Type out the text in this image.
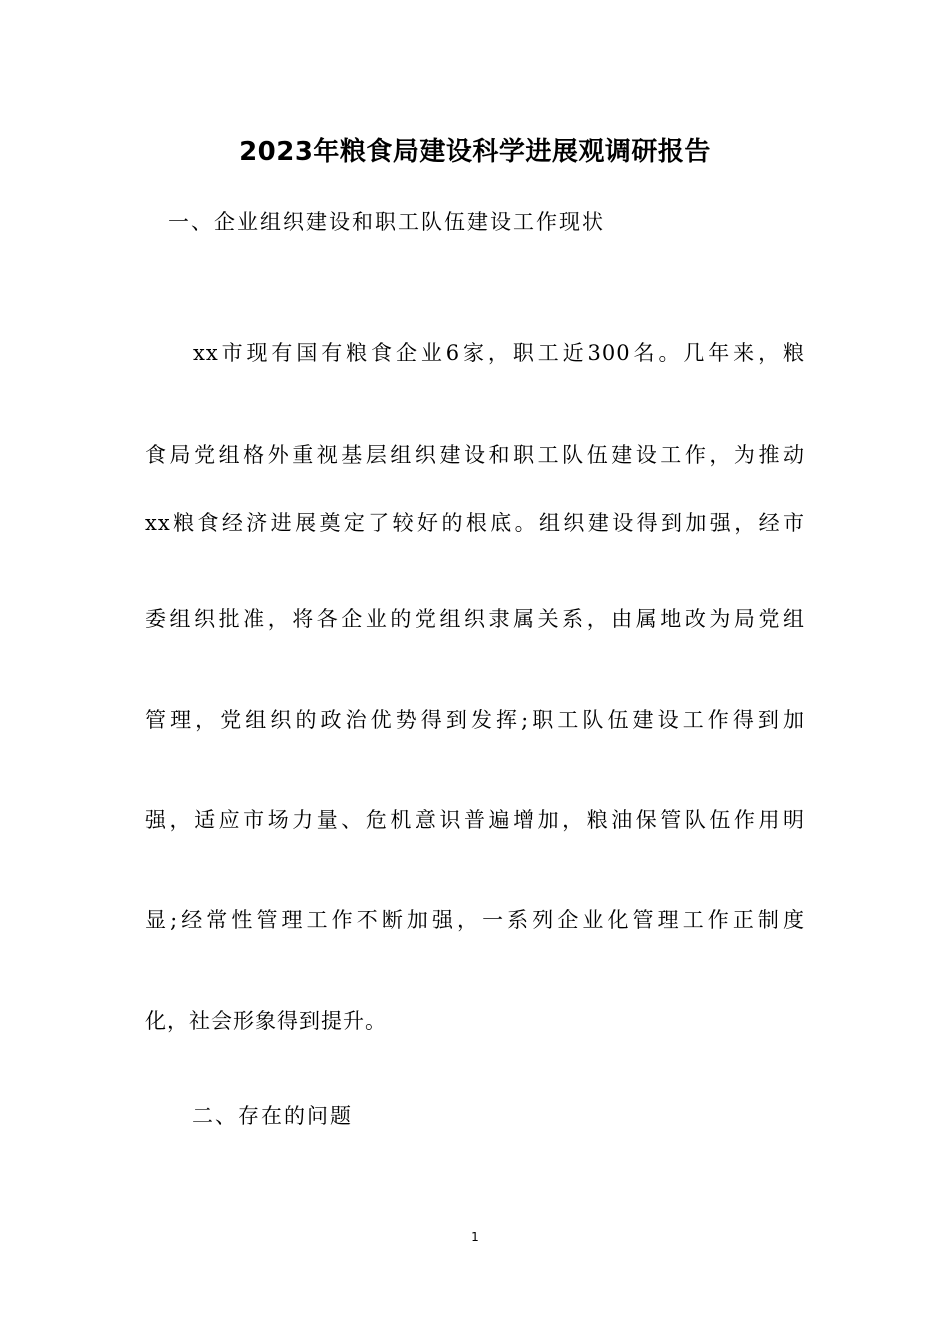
2023年粮食局建设科学进展观调研报告
一、企业组织建设和职工队伍建设工作现状
xx市现有国有粮食企业6家，职工近300名。几年来，粮
食局党组格外重视基层组织建设和职工队伍建设工作，为推动
xx粮食经济进展奠定了较好的根底。组织建设得到加强，经市
委组织批准，将各企业的党组织隶属关系，由属地改为局党组
管理，党组织的政治优势得到发挥;职工队伍建设工作得到加
强，适应市场力量、危机意识普遍增加，粮油保管队伍作用明
显;经常性管理工作不断加强，一系列企业化管理工作正制度
化，社会形象得到提升。
二、存在的问题
1
